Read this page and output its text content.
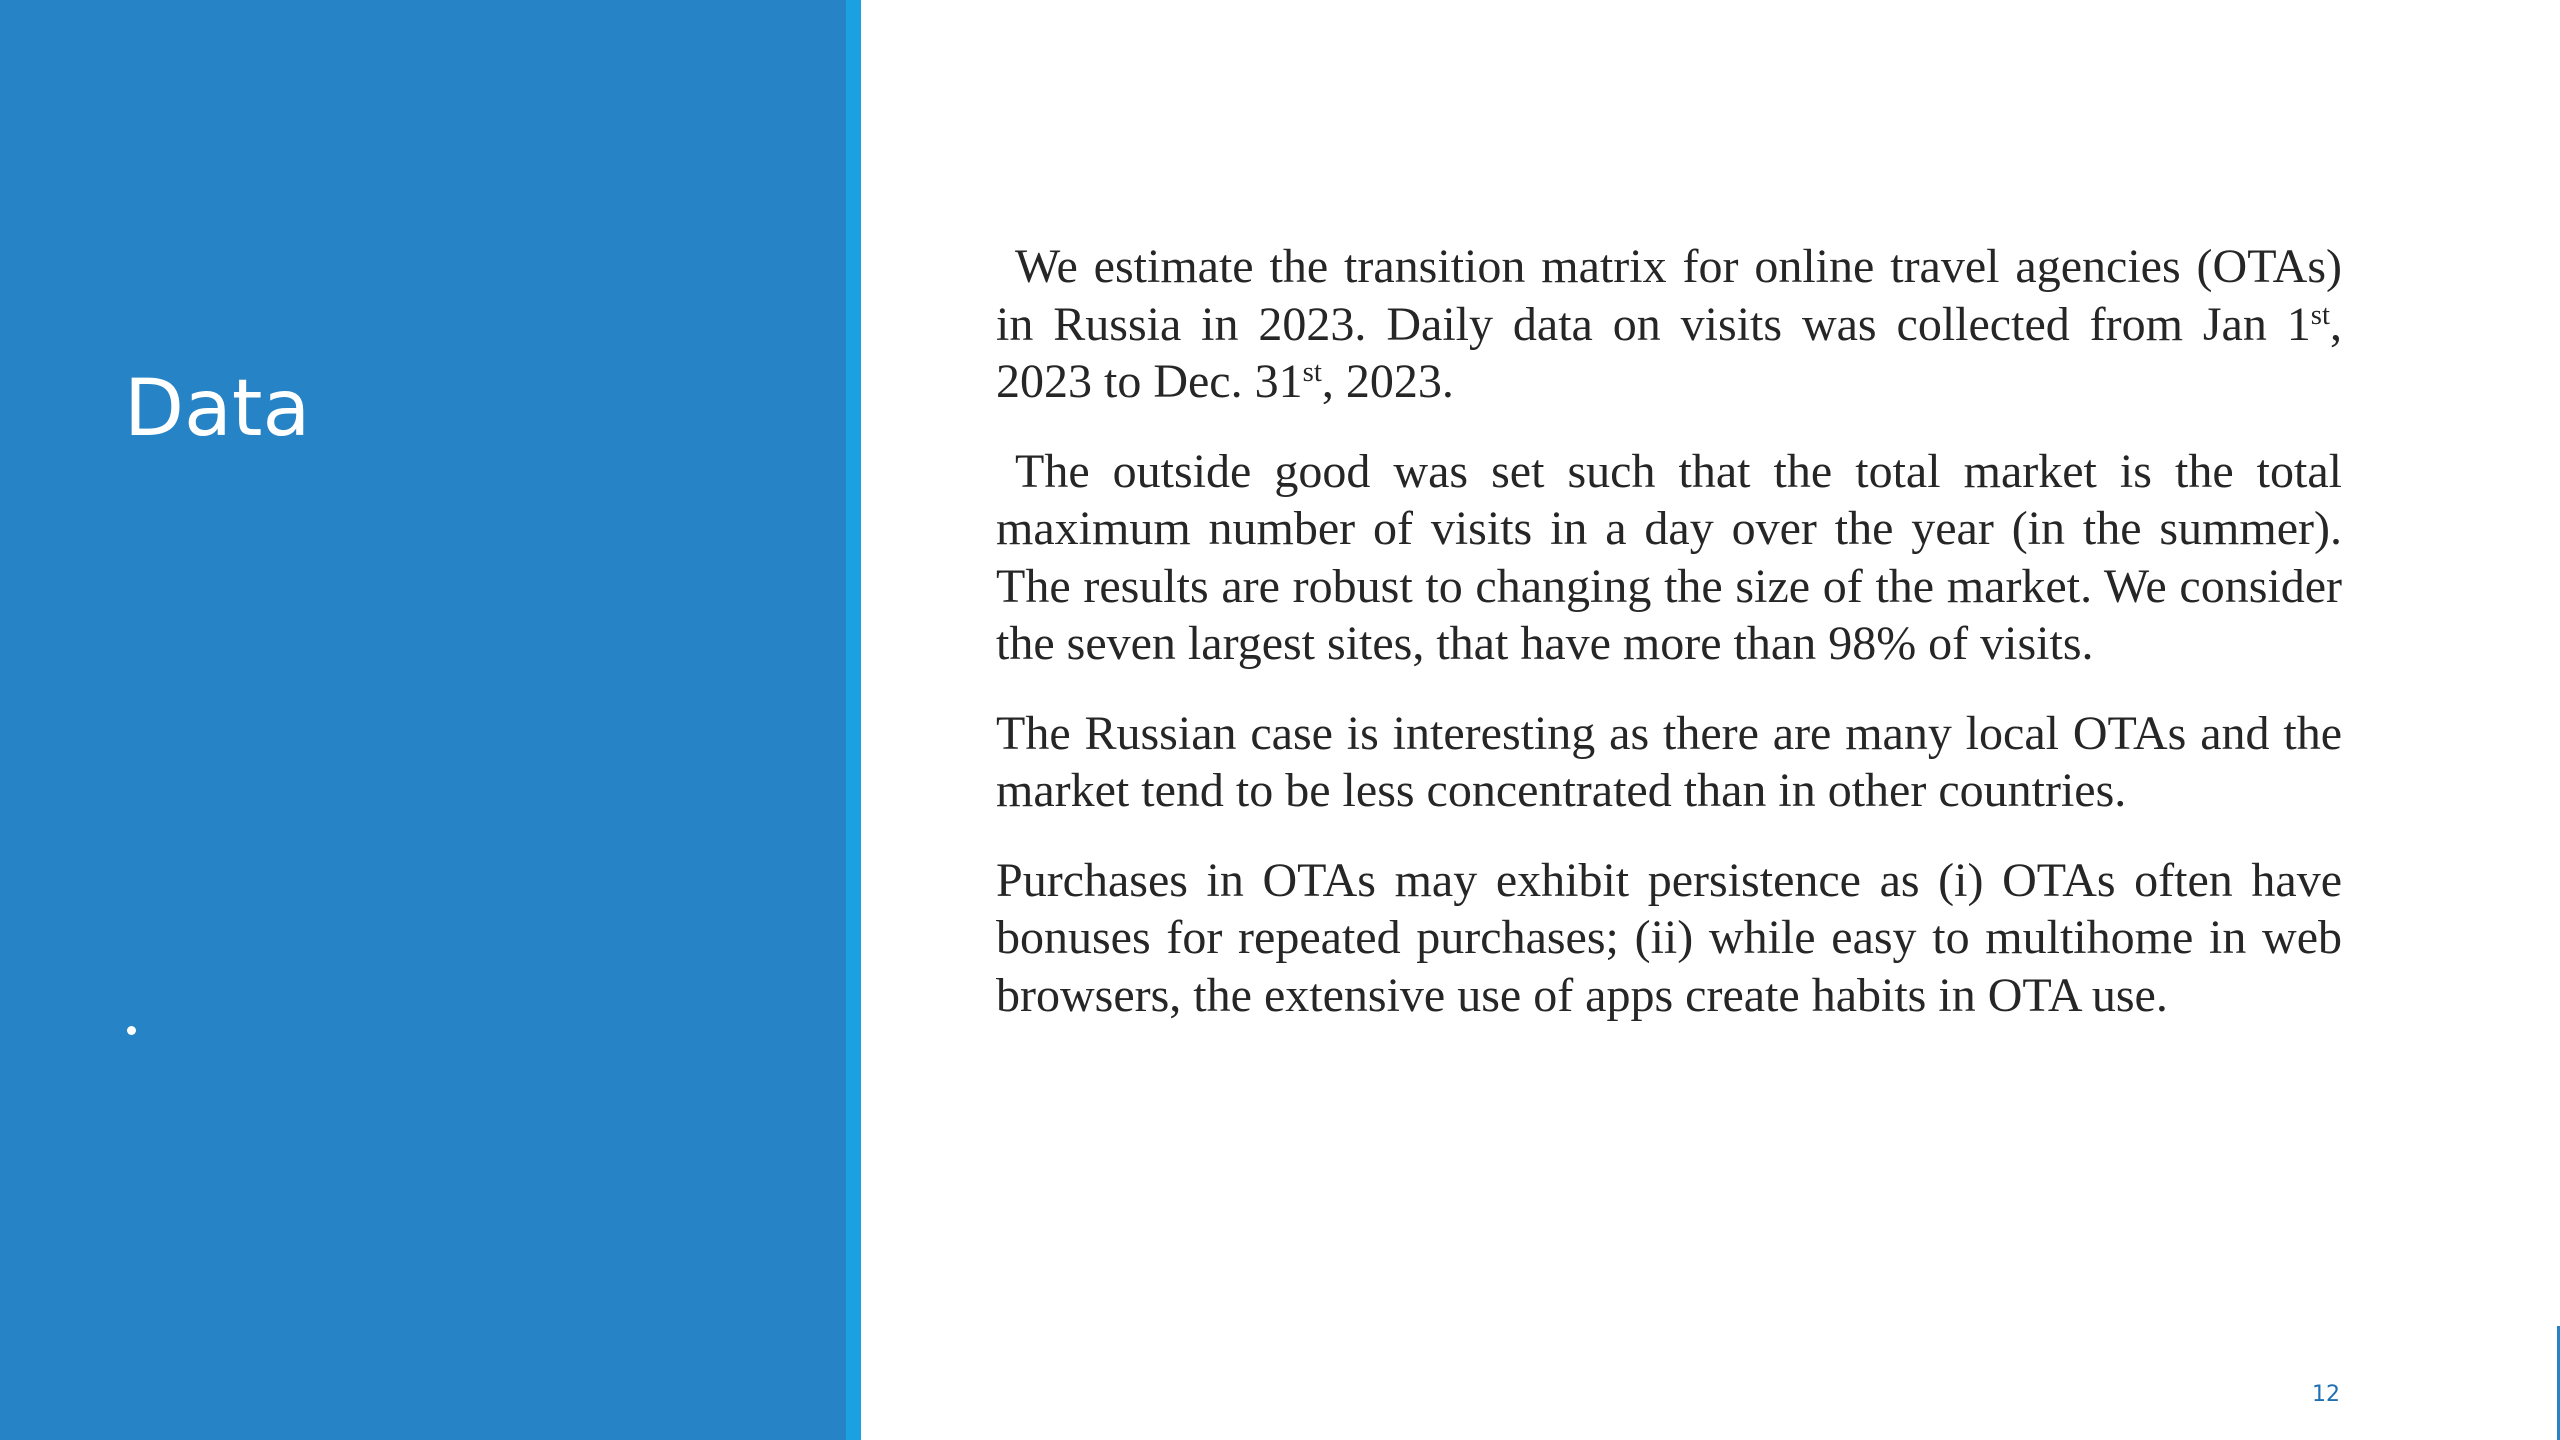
Data

We estimate the transition matrix for online travel agencies (OTAs) in Russia in 2023. Daily data on visits was collected from Jan 1st, 2023 to Dec. 31st, 2023.

The outside good was set such that the total market is the total maximum number of visits in a day over the year (in the summer). The results are robust to changing the size of the market. We consider the seven largest sites, that have more than 98% of visits.

The Russian case is interesting as there are many local OTAs and the market tend to be less concentrated than in other countries.

Purchases in OTAs may exhibit persistence as (i) OTAs often have bonuses for repeated purchases; (ii) while easy to multihome in web browsers, the extensive use of apps create habits in OTA use.

12
